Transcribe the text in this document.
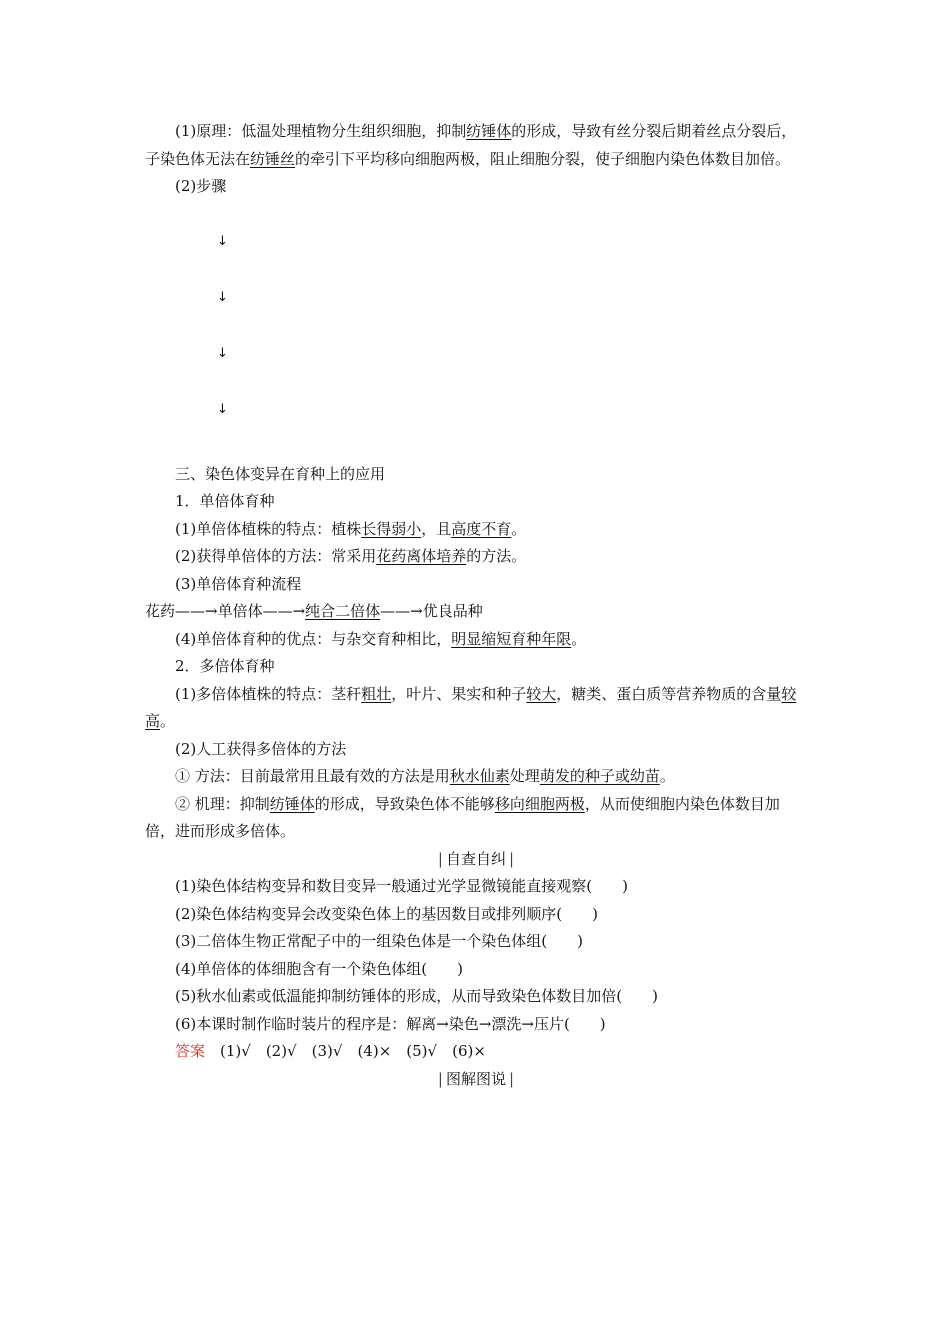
(1)原理：低温处理植物分生组织细胞，抑制纺锤体的形成，导致有丝分裂后期着丝点分裂后，子染色体无法在纺锤丝的牵引下平均移向细胞两极，阻止细胞分裂，使子细胞内染色体数目加倍。

(2)步骤

↓
↓
↓
↓

三、染色体变异在育种上的应用

1．单倍体育种

(1)单倍体植株的特点：植株长得弱小，且高度不育。

(2)获得单倍体的方法：常采用花药离体培养的方法。

(3)单倍体育种流程

花药——→单倍体——→纯合二倍体——→优良品种

(4)单倍体育种的优点：与杂交育种相比，明显缩短育种年限。

2．多倍体育种

(1)多倍体植株的特点：茎秆粗壮，叶片、果实和种子较大，糖类、蛋白质等营养物质的含量较高。

(2)人工获得多倍体的方法

① 方法：目前最常用且最有效的方法是用秋水仙素处理萌发的种子或幼苗。

② 机理：抑制纺锤体的形成，导致染色体不能够移向细胞两极，从而使细胞内染色体数目加倍，进而形成多倍体。

| 自查自纠 |

(1)染色体结构变异和数目变异一般通过光学显微镜能直接观察(　　)

(2)染色体结构变异会改变染色体上的基因数目或排列顺序(　　)

(3)二倍体生物正常配子中的一组染色体是一个染色体组(　　)

(4)单倍体的体细胞含有一个染色体组(　　)

(5)秋水仙素或低温能抑制纺锤体的形成，从而导致染色体数目加倍(　　)

(6)本课时制作临时装片的程序是：解离→染色→漂洗→压片(　　)

答案 (1)√ (2)√ (3)√ (4)× (5)√ (6)×

| 图解图说 |
